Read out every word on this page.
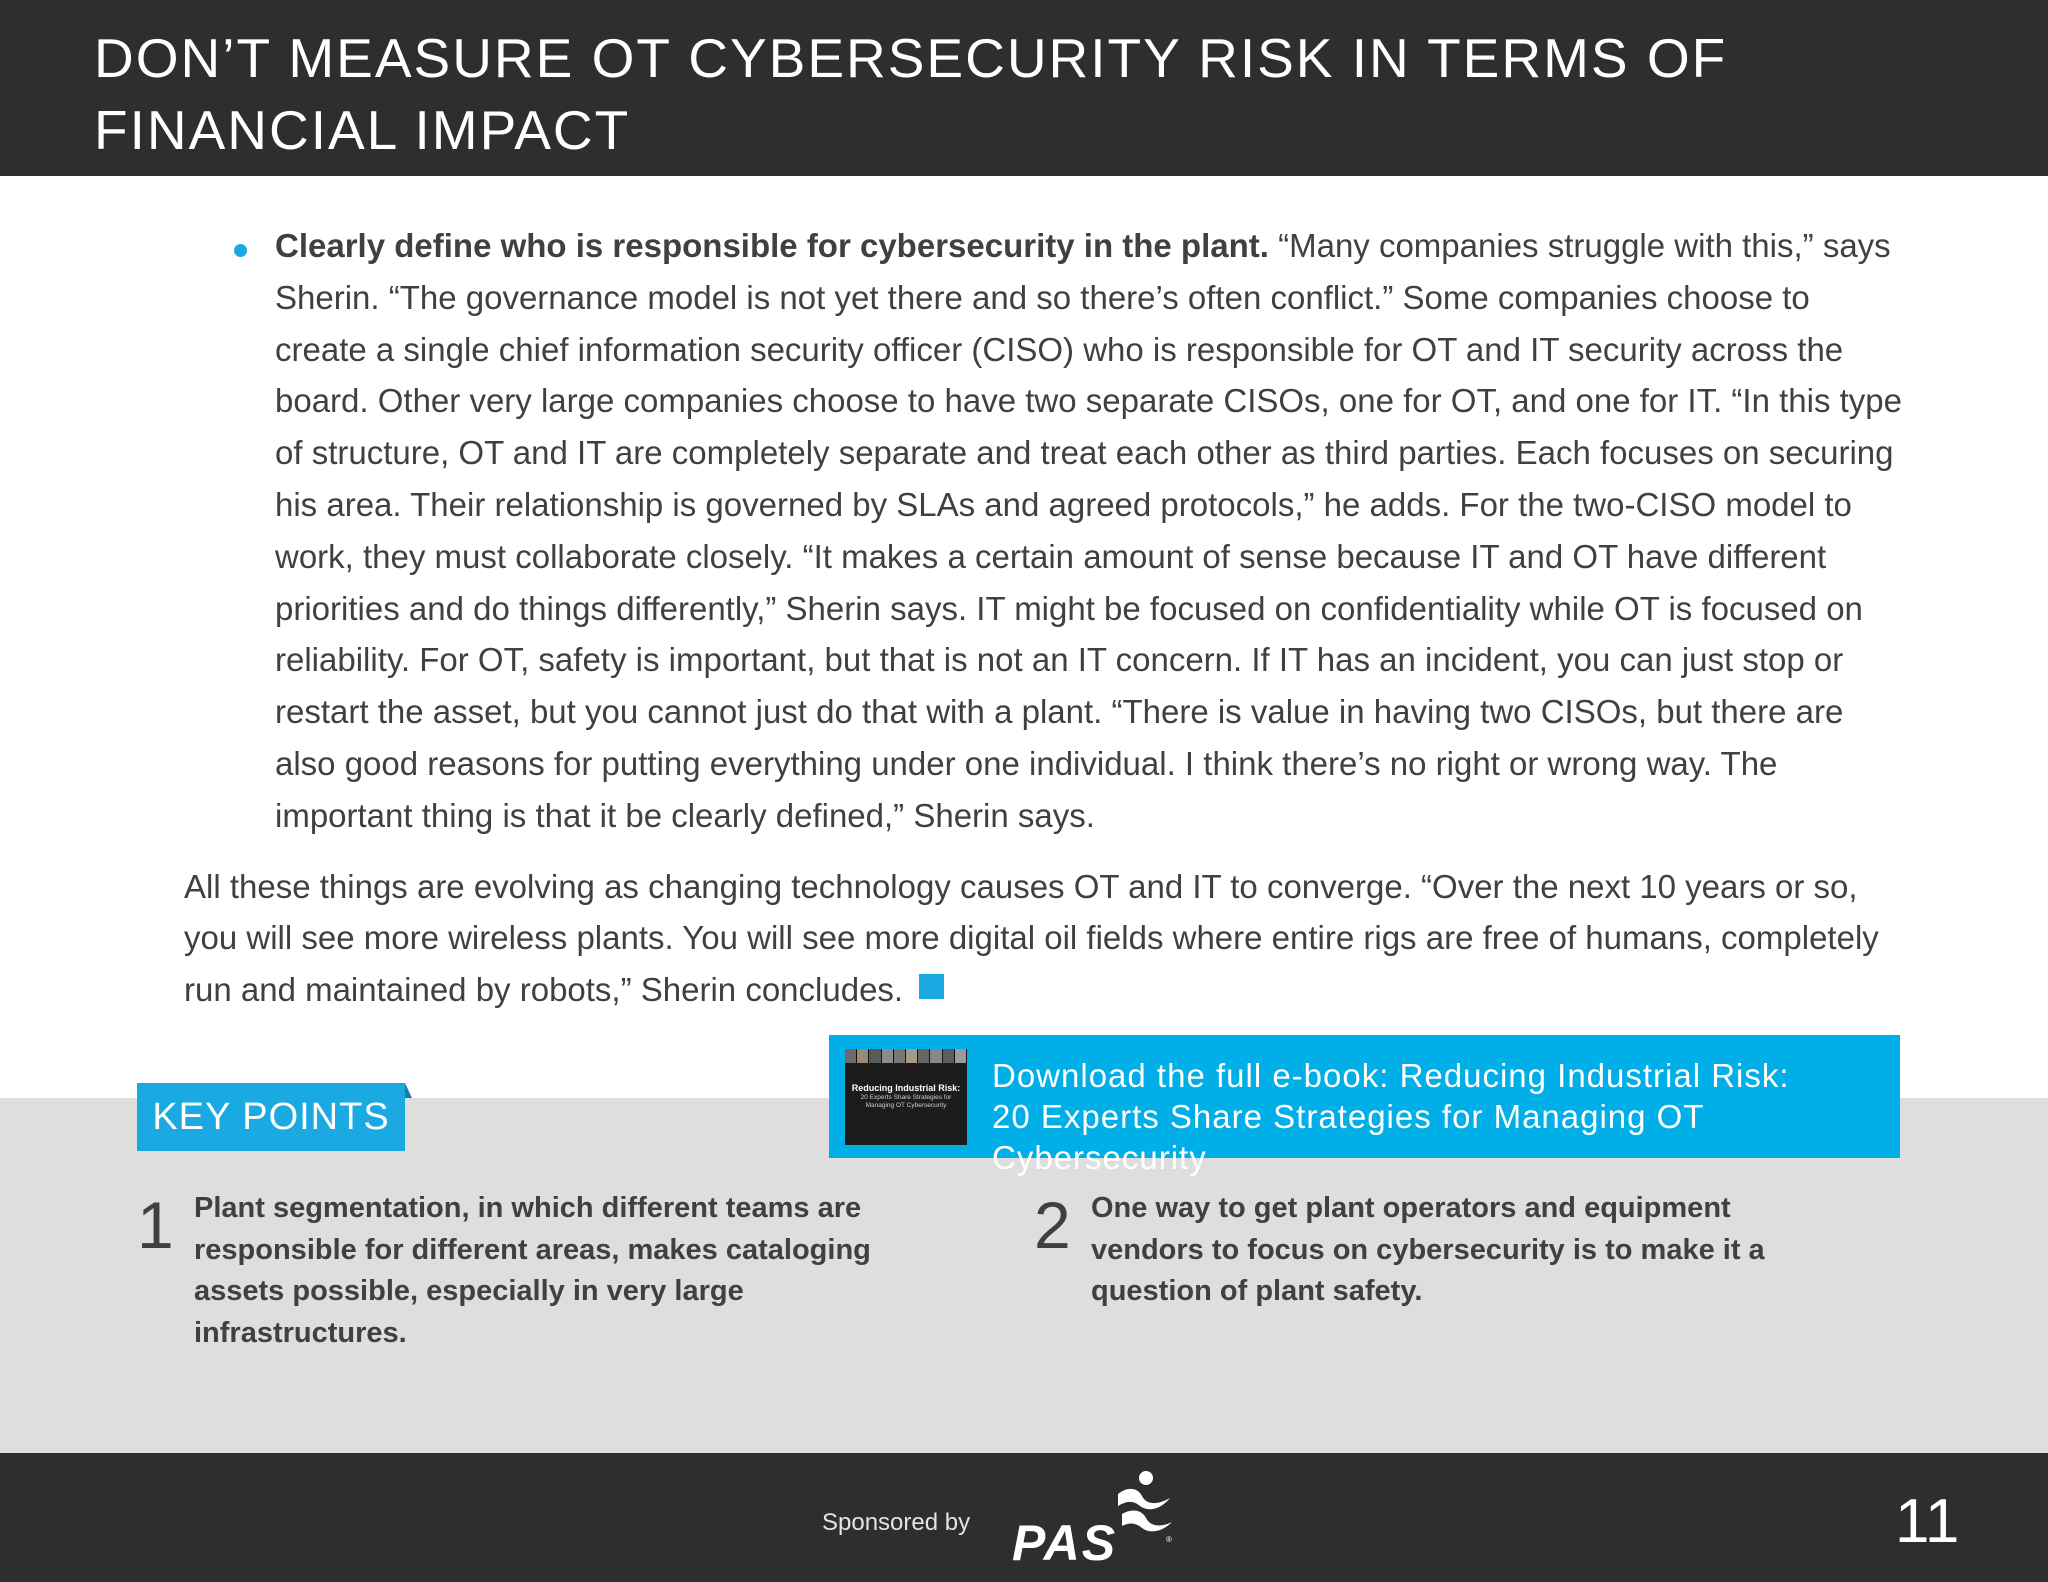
DON’T MEASURE OT CYBERSECURITY RISK IN TERMS OF FINANCIAL IMPACT

Clearly define who is responsible for cybersecurity in the plant. “Many companies struggle with this,” says Sherin. “The governance model is not yet there and so there’s often conflict.” Some companies choose to create a single chief information security officer (CISO) who is responsible for OT and IT security across the board. Other very large companies choose to have two separate CISOs, one for OT, and one for IT. “In this type of structure, OT and IT are completely separate and treat each other as third parties. Each focuses on securing his area. Their relationship is governed by SLAs and agreed protocols,” he adds. For the two-CISO model to work, they must collaborate closely. “It makes a certain amount of sense because IT and OT have different priorities and do things differently,” Sherin says. IT might be focused on confidentiality while OT is focused on reliability. For OT, safety is important, but that is not an IT concern. If IT has an incident, you can just stop or restart the asset, but you cannot just do that with a plant. “There is value in having two CISOs, but there are also good reasons for putting everything under one individual. I think there’s no right or wrong way. The important thing is that it be clearly defined,” Sherin says.

All these things are evolving as changing technology causes OT and IT to converge. “Over the next 10 years or so, you will see more wireless plants. You will see more digital oil fields where entire rigs are free of humans, completely run and maintained by robots,” Sherin concludes.

KEY POINTS
Reducing Industrial Risk:
20 Experts Share Strategies for Managing OT Cybersecurity
Download the full e-book: Reducing Industrial Risk:
20 Experts Share Strategies for Managing OT Cybersecurity
1 Plant segmentation, in which different teams are responsible for different areas, makes cataloging assets possible, especially in very large infrastructures.
2 One way to get plant operators and equipment vendors to focus on cybersecurity is to make it a question of plant safety.
Sponsored by PAS	®	11
